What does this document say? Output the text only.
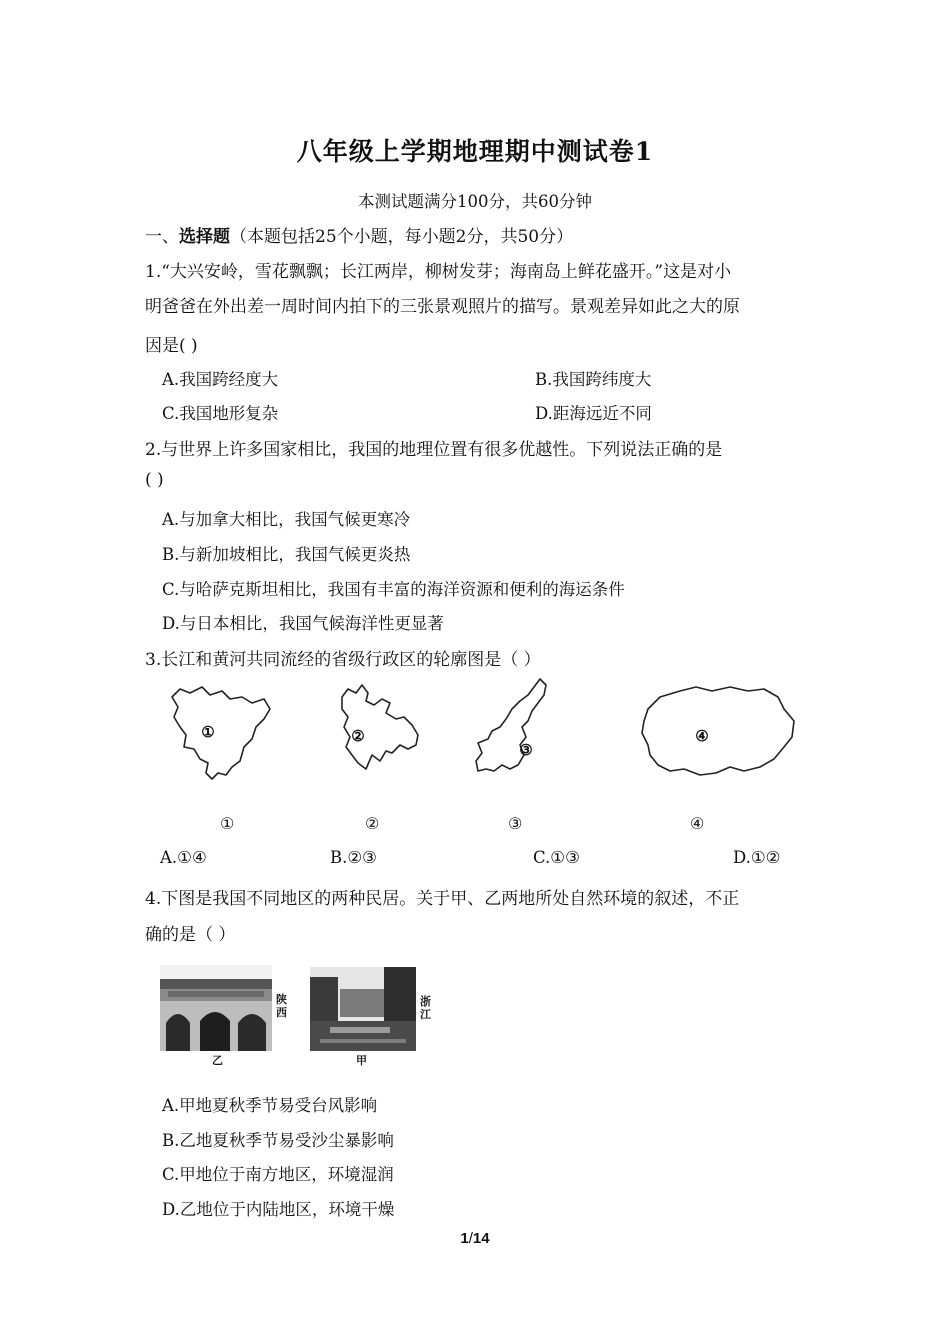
八年级上学期地理期中测试卷1
本测试题满分100分，共60分钟
一、选择题（本题包括25个小题，每小题2分，共50分）
1.“大兴安岭，雪花飘飘；长江两岸，柳树发芽；海南岛上鲜花盛开。”这是对小
明爸爸在外出差一周时间内拍下的三张景观照片的描写。景观差异如此之大的原
因是( )
A.我国跨经度大	B.我国跨纬度大
C.我国地形复杂	D.距海远近不同
2.与世界上许多国家相比，我国的地理位置有很多优越性。下列说法正确的是
( )
A.与加拿大相比，我国气候更寒冷
B.与新加坡相比，我国气候更炎热
C.与哈萨克斯坦相比，我国有丰富的海洋资源和便利的海运条件
D.与日本相比，我国气候海洋性更显著
3.长江和黄河共同流经的省级行政区的轮廓图是（ ）
①	②
③
④
①	②	③	④
A.①④	B.②③	C.①③	D.①②
4.下图是我国不同地区的两种民居。关于甲、乙两地所处自然环境的叙述，不正
确的是（ ）
陕西
乙
浙江
甲
A.甲地夏秋季节易受台风影响
B.乙地夏秋季节易受沙尘暴影响
C.甲地位于南方地区，环境湿润
D.乙地位于内陆地区，环境干燥
1/14
